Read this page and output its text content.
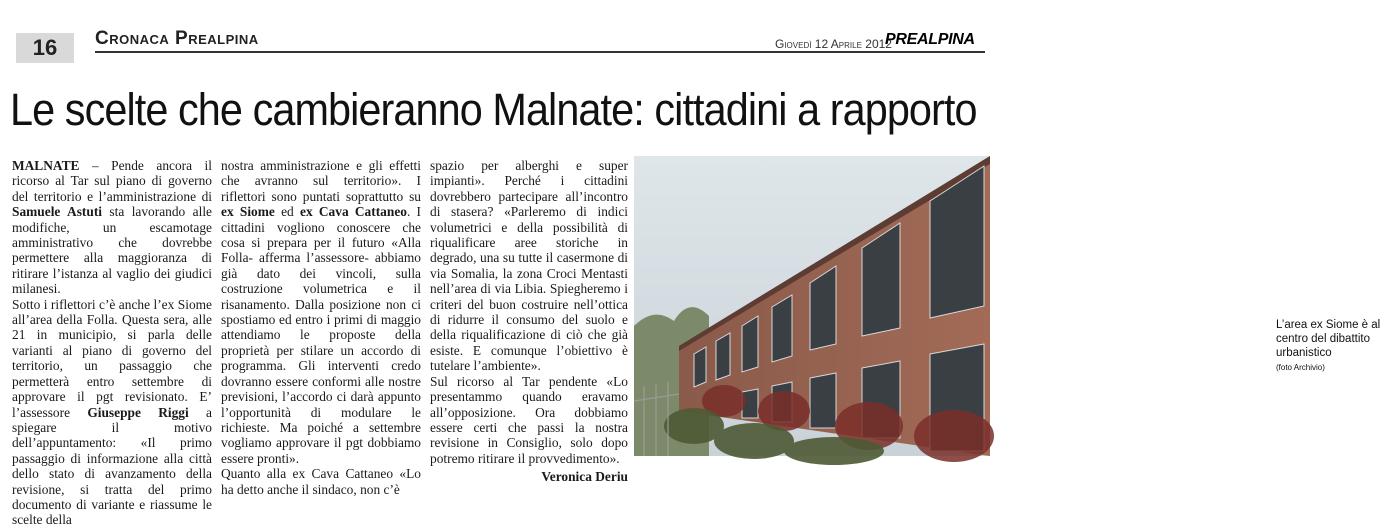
16	Cronaca Prealpina	Giovedì 12 Aprile 2012
PREALPINA
Le scelte che cambieranno Malnate: cittadini a rapporto

MALNATE – Pende ancora il ricorso al Tar sul piano di governo del territorio e l’amministrazione di Samuele Astuti sta lavorando alle modifiche, un escamotage amministrativo che dovrebbe permettere alla maggioranza di ritirare l’istanza al vaglio dei giudici milanesi.

Sotto i riflettori c’è anche l’ex Siome all’area della Folla. Questa sera, alle 21 in municipio, si parla delle varianti al piano di governo del territorio, un passaggio che permetterà entro settembre di approvare il pgt revisionato. E’ l’assessore Giuseppe Riggi a spiegare il motivo dell’appuntamento: «Il primo passaggio di informazione alla città dello stato di avanzamento della revisione, si tratta del primo documento di variante e riassume le scelte della

nostra amministrazione e gli effetti che avranno sul territorio». I riflettori sono puntati soprattutto su ex Siome ed ex Cava Cattaneo. I cittadini vogliono conoscere che cosa si prepara per il futuro «Alla Folla- afferma l’assessore- abbiamo già dato dei vincoli, sulla costruzione volumetrica e il risanamento. Dalla posizione non ci spostiamo ed entro i primi di maggio attendiamo le proposte della proprietà per stilare un accordo di programma. Gli interventi credo dovranno essere conformi alle nostre previsioni, l’accordo ci darà appunto l’opportunità di modulare le richieste. Ma poiché a settembre vogliamo approvare il pgt dobbiamo essere pronti».

Quanto alla ex Cava Cattaneo «Lo ha detto anche il sindaco, non c’è

spazio per alberghi e super impianti». Perché i cittadini dovrebbero partecipare all’incontro di stasera? «Parleremo di indici volumetrici e della possibilità di riqualificare aree storiche in degrado, una su tutte il casermone di via Somalia, la zona Croci Mentasti nell’area di via Libia. Spiegheremo i criteri del buon costruire nell’ottica di ridurre il consumo del suolo e della riqualificazione di ciò che già esiste. E comunque l’obiettivo è tutelare l’ambiente».

Sul ricorso al Tar pendente «Lo presentammo quando eravamo all’opposizione. Ora dobbiamo essere certi che passi la nostra revisione in Consiglio, solo dopo potremo ritirare il provvedimento».

Veronica Deriu
L’area ex Siome è al centro del dibattito urbanistico
(foto Archivio)
